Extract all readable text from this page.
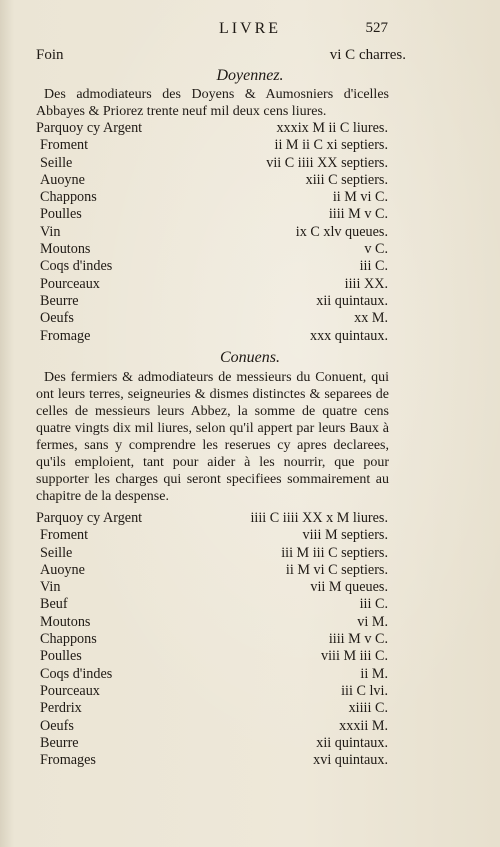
LIVRE	527
Foin	vi C charres.
Doyennez.
Des admodiateurs des Doyens & Aumosniers d'icelles Abbayes & Priorez trente neuf mil deux cens liures.
Parquoy cy Argent	xxxix M ii C liures.
Froment	ii M ii C xi septiers.
Seille	vii C iiii XX septiers.
Auoyne	xiii C septiers.
Chappons	ii M vi C.
Poulles	iiii M v C.
Vin	ix C xlv queues.
Moutons	v C.
Coqs d'indes	iii C.
Pourceaux	iiii XX.
Beurre	xii quintaux.
Oeufs	xx M.
Fromage	xxx quintaux.
Conuens.
Des fermiers & admodiateurs de messieurs du Conuent, qui ont leurs terres, seigneuries & dismes distinctes & separees de celles de messieurs leurs Abbez, la somme de quatre cens quatre vingts dix mil liures, selon qu'il appert par leurs Baux à fermes, sans y comprendre les reserues cy apres declarees, qu'ils emploient, tant pour aider à les nourrir, que pour supporter les charges qui seront specifiees sommairement au chapitre de la despense.
Parquoy cy Argent	iiii C iiii XX x M liures.
Froment	viii M septiers.
Seille	iii M iii C septiers.
Auoyne	ii M vi C septiers.
Vin	vii M queues.
Beuf	iii C.
Moutons	vi M.
Chappons	iiii M v C.
Poulles	viii M iii C.
Coqs d'indes	ii M.
Pourceaux	iii C lvi.
Perdrix	xiiii C.
Oeufs	xxxii M.
Beurre	xii quintaux.
Fromages	xvi quintaux.
